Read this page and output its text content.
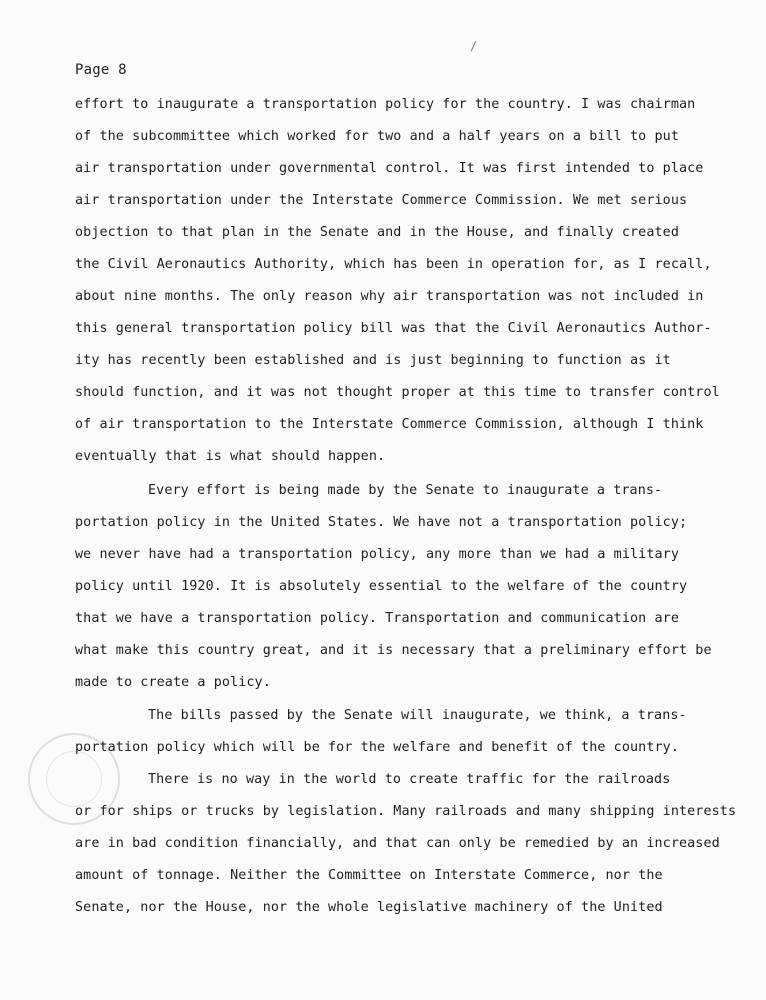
/
Page 8
effort to inaugurate a transportation policy for the country. I was chairman
of the subcommittee which worked for two and a half years on a bill to put
air transportation under governmental control. It was first intended to place
air transportation under the Interstate Commerce Commission. We met serious
objection to that plan in the Senate and in the House, and finally created
the Civil Aeronautics Authority, which has been in operation for, as I recall,
about nine months. The only reason why air transportation was not included in
this general transportation policy bill was that the Civil Aeronautics Author-
ity has recently been established and is just beginning to function as it
should function, and it was not thought proper at this time to transfer control
of air transportation to the Interstate Commerce Commission, although I think
eventually that is what should happen.
Every effort is being made by the Senate to inaugurate a trans-
portation policy in the United States. We have not a transportation policy;
we never have had a transportation policy, any more than we had a military
policy until 1920. It is absolutely essential to the welfare of the country
that we have a transportation policy. Transportation and communication are
what make this country great, and it is necessary that a preliminary effort be
made to create a policy.
The bills passed by the Senate will inaugurate, we think, a trans-
portation policy which will be for the welfare and benefit of the country.
There is no way in the world to create traffic for the railroads
or for ships or trucks by legislation. Many railroads and many shipping interests
are in bad condition financially, and that can only be remedied by an increased
amount of tonnage. Neither the Committee on Interstate Commerce, nor the
Senate, nor the House, nor the whole legislative machinery of the United
